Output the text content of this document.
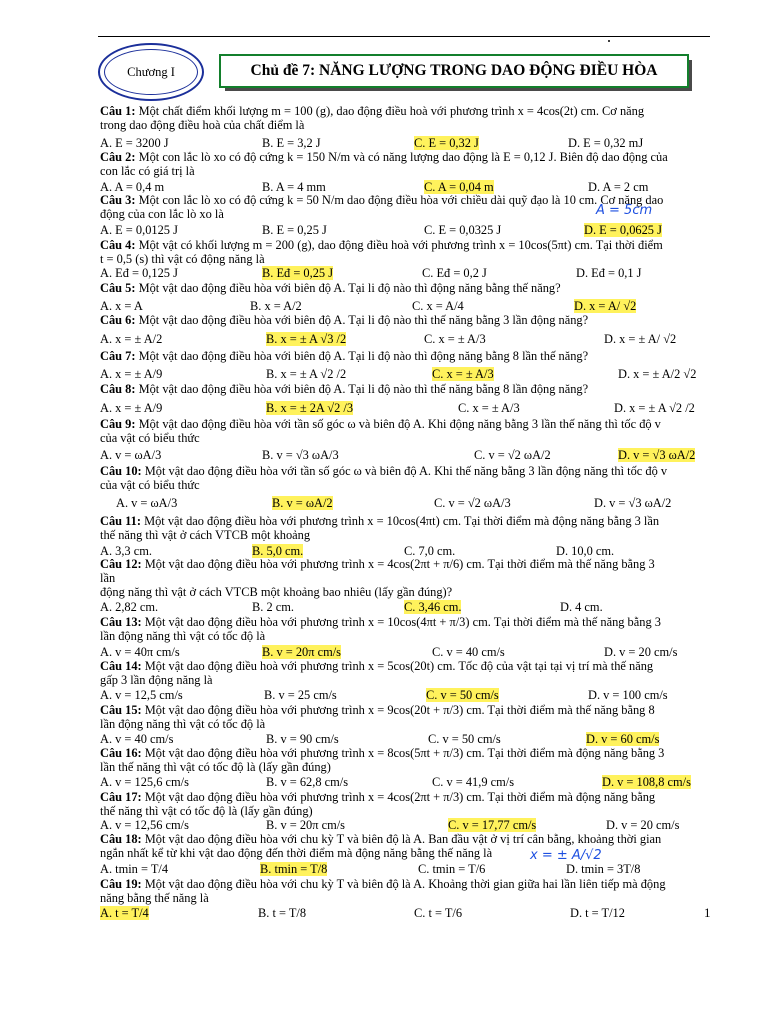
Chương I	Chủ đề 7: NĂNG LƯỢNG TRONG DAO ĐỘNG ĐIỀU HÒA
Câu 1: Một chất điểm khối lượng m = 100 (g), dao động điều hoà với phương trình x = 4cos(2t) cm. Cơ năng
trong dao động điều hoà của chất điểm là
A. E = 3200 J	B. E = 3,2 J	C. E = 0,32 J	D. E = 0,32 mJ
Câu 2: Một con lắc lò xo có độ cứng k = 150 N/m và có năng lượng dao động là E = 0,12 J. Biên độ dao động của
con lắc có giá trị là
A. A = 0,4 m	B. A = 4 mm	C. A = 0,04 m	D. A = 2 cm
Câu 3: Một con lắc lò xo có độ cứng k = 50 N/m dao động điều hòa với chiều dài quỹ đạo là 10 cm. Cơ năng dao
động của con lắc lò xo là
A. E = 0,0125 J	B. E = 0,25 J	C. E = 0,0325 J	D. E = 0,0625 J
Câu 4: Một vật có khối lượng m = 200 (g), dao động điều hoà với phương trình x = 10cos(5πt) cm. Tại thời điểm
t = 0,5 (s) thì vật có động năng là
A. Eđ = 0,125 J	B. Eđ = 0,25 J	C. Eđ = 0,2 J	D. Eđ = 0,1 J
Câu 5: Một vật dao động điều hòa với biên độ A. Tại li độ nào thì động năng bằng thế năng?
A. x = A	B. x = A/2	C. x = A/4	D. x = A/ √2
Câu 6: Một vật dao động điều hòa với biên độ A. Tại li độ nào thì thế năng bằng 3 lần động năng?
A. x = ± A/2	B. x = ± A √3 /2	C. x = ± A/3	D. x = ± A/ √2
Câu 7: Một vật dao động điều hòa với biên độ A. Tại li độ nào thì động năng bằng 8 lần thế năng?
A. x = ± A/9	B. x = ± A √2 /2	C. x = ± A/3	D. x = ± A/2 √2
Câu 8: Một vật dao động điều hòa với biên độ A. Tại li độ nào thì thế năng bằng 8 lần động năng?
A. x = ± A/9	B. x = ± 2A √2 /3	C. x = ± A/3	D. x = ± A √2 /2
Câu 9: Một vật dao động điều hòa với tần số góc ω và biên độ A. Khi động năng bằng 3 lần thế năng thì tốc độ v
của vật có biểu thức
A. v = ωA/3	B. v = √3 ωA/3	C. v = √2 ωA/2	D. v = √3 ωA/2
Câu 10: Một vật dao động điều hòa với tần số góc ω và biên độ A. Khi thế năng bằng 3 lần động năng thì tốc độ v
của vật có biểu thức
A. v = ωA/3	B. v = ωA/2	C. v = √2 ωA/3	D. v = √3 ωA/2
Câu 11: Một vật dao động điều hòa với phương trình x = 10cos(4πt) cm. Tại thời điểm mà động năng bằng 3 lần
thế năng thì vật ở cách VTCB một khoảng
A. 3,3 cm.	B. 5,0 cm.	C. 7,0 cm.	D. 10,0 cm.
Câu 12: Một vật dao động điều hòa với phương trình x = 4cos(2πt + π/6) cm. Tại thời điểm mà thế năng bằng 3
lần
động năng thì vật ở cách VTCB một khoảng bao nhiêu (lấy gần đúng)?
A. 2,82 cm.	B. 2 cm.	C. 3,46 cm.	D. 4 cm.
Câu 13: Một vật dao động điều hòa với phương trình x = 10cos(4πt + π/3) cm. Tại thời điểm mà thế năng bằng 3
lần động năng thì vật có tốc độ là
A. v = 40π cm/s	B. v = 20π cm/s	C. v = 40 cm/s	D. v = 20 cm/s
Câu 14: Một vật dao động điều hoà với phương trình x = 5cos(20t) cm. Tốc độ của vật tại tại vị trí mà thế năng
gấp 3 lần động năng là
A. v = 12,5 cm/s	B. v = 25 cm/s	C. v = 50 cm/s	D. v = 100 cm/s
Câu 15: Một vật dao động điều hòa với phương trình x = 9cos(20t + π/3) cm. Tại thời điểm mà thế năng bằng 8
lần động năng thì vật có tốc độ là
A. v = 40 cm/s	B. v = 90 cm/s	C. v = 50 cm/s	D. v = 60 cm/s
Câu 16: Một vật dao động điều hòa với phương trình x = 8cos(5πt + π/3) cm. Tại thời điểm mà động năng bằng 3
lần thế năng thì vật có tốc độ là (lấy gần đúng)
A. v = 125,6 cm/s	B. v = 62,8 cm/s	C. v = 41,9 cm/s	D. v = 108,8 cm/s
Câu 17: Một vật dao động điều hòa với phương trình x = 4cos(2πt + π/3) cm. Tại thời điểm mà động năng bằng
thế năng thì vật có tốc độ là (lấy gần đúng)
A. v = 12,56 cm/s	B. v = 20π cm/s	C. v = 17,77 cm/s	D. v = 20 cm/s
Câu 18: Một vật dao động điều hòa với chu kỳ T và biên độ là A. Ban đầu vật ở vị trí cân bằng, khoảng thời gian
ngắn nhất kể từ khi vật dao động đến thời điểm mà động năng bằng thế năng là
A. tmin = T/4	B. tmin = T/8	C. tmin = T/6	D. tmin = 3T/8
Câu 19: Một vật dao động điều hòa với chu kỳ T và biên độ là A. Khoảng thời gian giữa hai lần liên tiếp mà động
năng bằng thế năng là
A. t = T/4	B. t = T/8	C. t = T/6	D. t = T/12
A = 5cm
x = ± A/√2
1
